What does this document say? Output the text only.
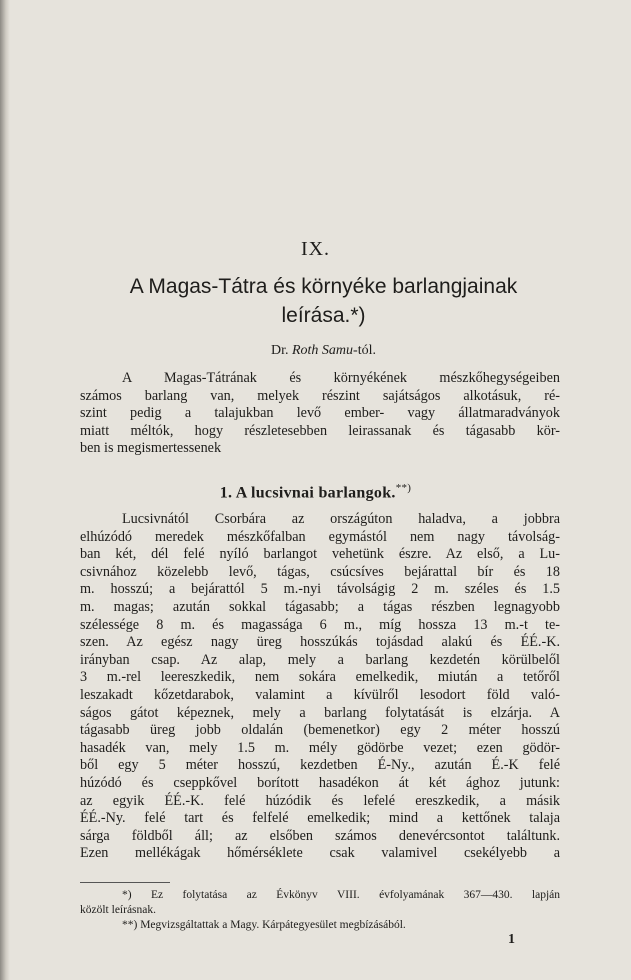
IX.
A Magas-Tátra és környéke barlangjainak
leírása.*)
Dr. Roth Samu-tól.
A Magas-Tátrának és környékének mészkőhegységeiben
számos barlang van, melyek részint sajátságos alkotásuk, ré-
szint pedig a talajukban levő ember- vagy állatmaradványok
miatt méltók, hogy részletesebben leirassanak és tágasabb kör-
ben is megismertessenek
1. A lucsivnai barlangok.**)
Lucsivnától Csorbára az országúton haladva, a jobbra
elhúzódó meredek mészkőfalban egymástól nem nagy távolság-
ban két, dél felé nyíló barlangot vehetünk észre. Az első, a Lu-
csivnához közelebb levő, tágas, csúcsíves bejárattal bír és 18
m. hosszú; a bejárattól 5 m.-nyi távolságig 2 m. széles és 1.5
m. magas; azután sokkal tágasabb; a tágas részben legnagyobb
szélessége 8 m. és magassága 6 m., míg hossza 13 m.-t te-
szen. Az egész nagy üreg hosszúkás tojásdad alakú és ÉÉ.-K.
irányban csap. Az alap, mely a barlang kezdetén körülbelől
3 m.-rel leereszkedik, nem sokára emelkedik, miután a tetőről
leszakadt kőzetdarabok, valamint a kívülről lesodort föld való-
ságos gátot képeznek, mely a barlang folytatását is elzárja. A
tágasabb üreg jobb oldalán (bemenetkor) egy 2 méter hosszú
hasadék van, mely 1.5 m. mély gödörbe vezet; ezen gödör-
ből egy 5 méter hosszú, kezdetben É-Ny., azután É.-K felé
húzódó és cseppkővel borított hasadékon át két ághoz jutunk:
az egyik ÉÉ.-K. felé húzódik és lefelé ereszkedik, a másik
ÉÉ.-Ny. felé tart és felfelé emelkedik; mind a kettőnek talaja
sárga földből áll; az elsőben számos denevércsontot találtunk.
Ezen mellékágak hőmérséklete csak valamivel csekélyebb a
*) Ez folytatása az Évkönyv VIII. évfolyamának 367—430. lapján
közölt leírásnak.
**) Megvizsgáltattak a Magy. Kárpátegyesület megbízásából.
1
